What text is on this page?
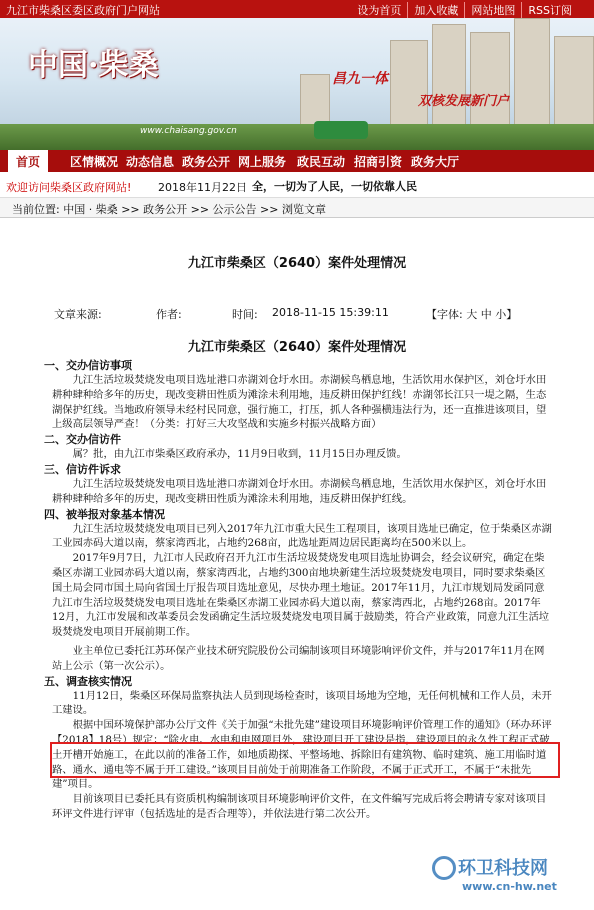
九江市柴桑区委区政府门户网站	设为首页	加入收藏	网站地图	RSS订阅
中国·柴桑	昌九一体
双核发展新门户
www.chaisang.gov.cn
首页	区情概况 动态信息 政务公开 网上服务 政民互动 招商引资 政务大厅
欢迎访问柴桑区政府网站! 2018年11月22日 全，一切为了人民，一切依靠人民
当前位置: 中国 · 柴桑 >> 政务公开 >> 公示公告 >> 浏览文章
九江市柴桑区（2640）案件处理情况
文章来源:	作者:	时间: 2018-11-15 15:39:11	【字体: 大 中 小】
九江市柴桑区（2640）案件处理情况
一、交办信访事项

九江生活垃圾焚烧发电项目选址港口赤湖刘仓圩水田。赤湖候鸟栖息地，生活饮用水保护区，刘仓圩水田耕种肆种给多年的历史，现改变耕田性质为滩涂未利用地，违反耕田保护红线！赤湖邻长江只一堤之隔，生态湖保护红线。当地政府领导未经村民同意，强行施工，打压，抓人各种强横违法行为，还一直推进该项目，望上级高层领导严查！（分类：打好三大攻坚战和实施乡村振兴战略方面）

二、交办信访件

属？批，由九江市柴桑区政府承办，11月9日收到，11月15日办理反馈。

三、信访件诉求

九江生活垃圾焚烧发电项目选址港口赤湖刘仓圩水田。赤湖候鸟栖息地，生活饮用水保护区，刘仓圩水田耕种肆种给多年的历史，现改变耕田性质为滩涂未利用地，违反耕田保护红线。

四、被举报对象基本情况

九江生活垃圾焚烧发电项目已列入2017年九江市重大民生工程项目，该项目选址已确定，位于柴桑区赤湖工业园赤码大道以南，蔡家湾西北，占地约268亩，此选址距周边居民距离均在500米以上。

2017年9月7日，九江市人民政府召开九江市生活垃圾焚烧发电项目选址协调会，经会议研究，确定在柴桑区赤湖工业园赤码大道以南，蔡家湾西北，占地约300亩地块新建生活垃圾焚烧发电项目，同时要求柴桑区国土局会同市国土局向省国土厅报告项目选址意见，尽快办理土地证。2017年11月，九江市规划局发函同意九江市生活垃圾焚烧发电项目选址在柴桑区赤湖工业园赤码大道以南，蔡家湾西北，占地约268亩。2017年12月，九江市发展和改革委员会发函确定生活垃圾焚烧发电项目属于鼓励类，符合产业政策，同意九江生活垃圾焚烧发电项目开展前期工作。

业主单位已委托江苏环保产业技术研究院股份公司编制该项目环境影响评价文件，并与2017年11月在网站上公示（第一次公示）。

五、调查核实情况

11月12日，柴桑区环保局监察执法人员到现场检查时，该项目场地为空地，无任何机械和工作人员，未开工建设。

根据中国环境保护部办公厅文件《关于加强“未批先建”建设项目环境影响评价管理工作的通知》（环办环评【2018】18号）规定：“除火电、水电和电网项目外，建设项目开工建设是指，建设项目的永久性工程正式破土开槽开始施工，在此以前的准备工作，如地质勘探、平整场地、拆除旧有建筑物、临时建筑、施工用临时道路、通水、通电等不属于开工建设。”该项目目前处于前期准备工作阶段，不属于正式开工，不属于“未批先建”项目。

目前该项目已委托具有资质机构编制该项目环境影响评价文件，在文件编写完成后将会聘请专家对该项目环评文件进行评审（包括选址的是否合理等），并依法进行第二次公开。

环卫科技网
www.cn-hw.net
